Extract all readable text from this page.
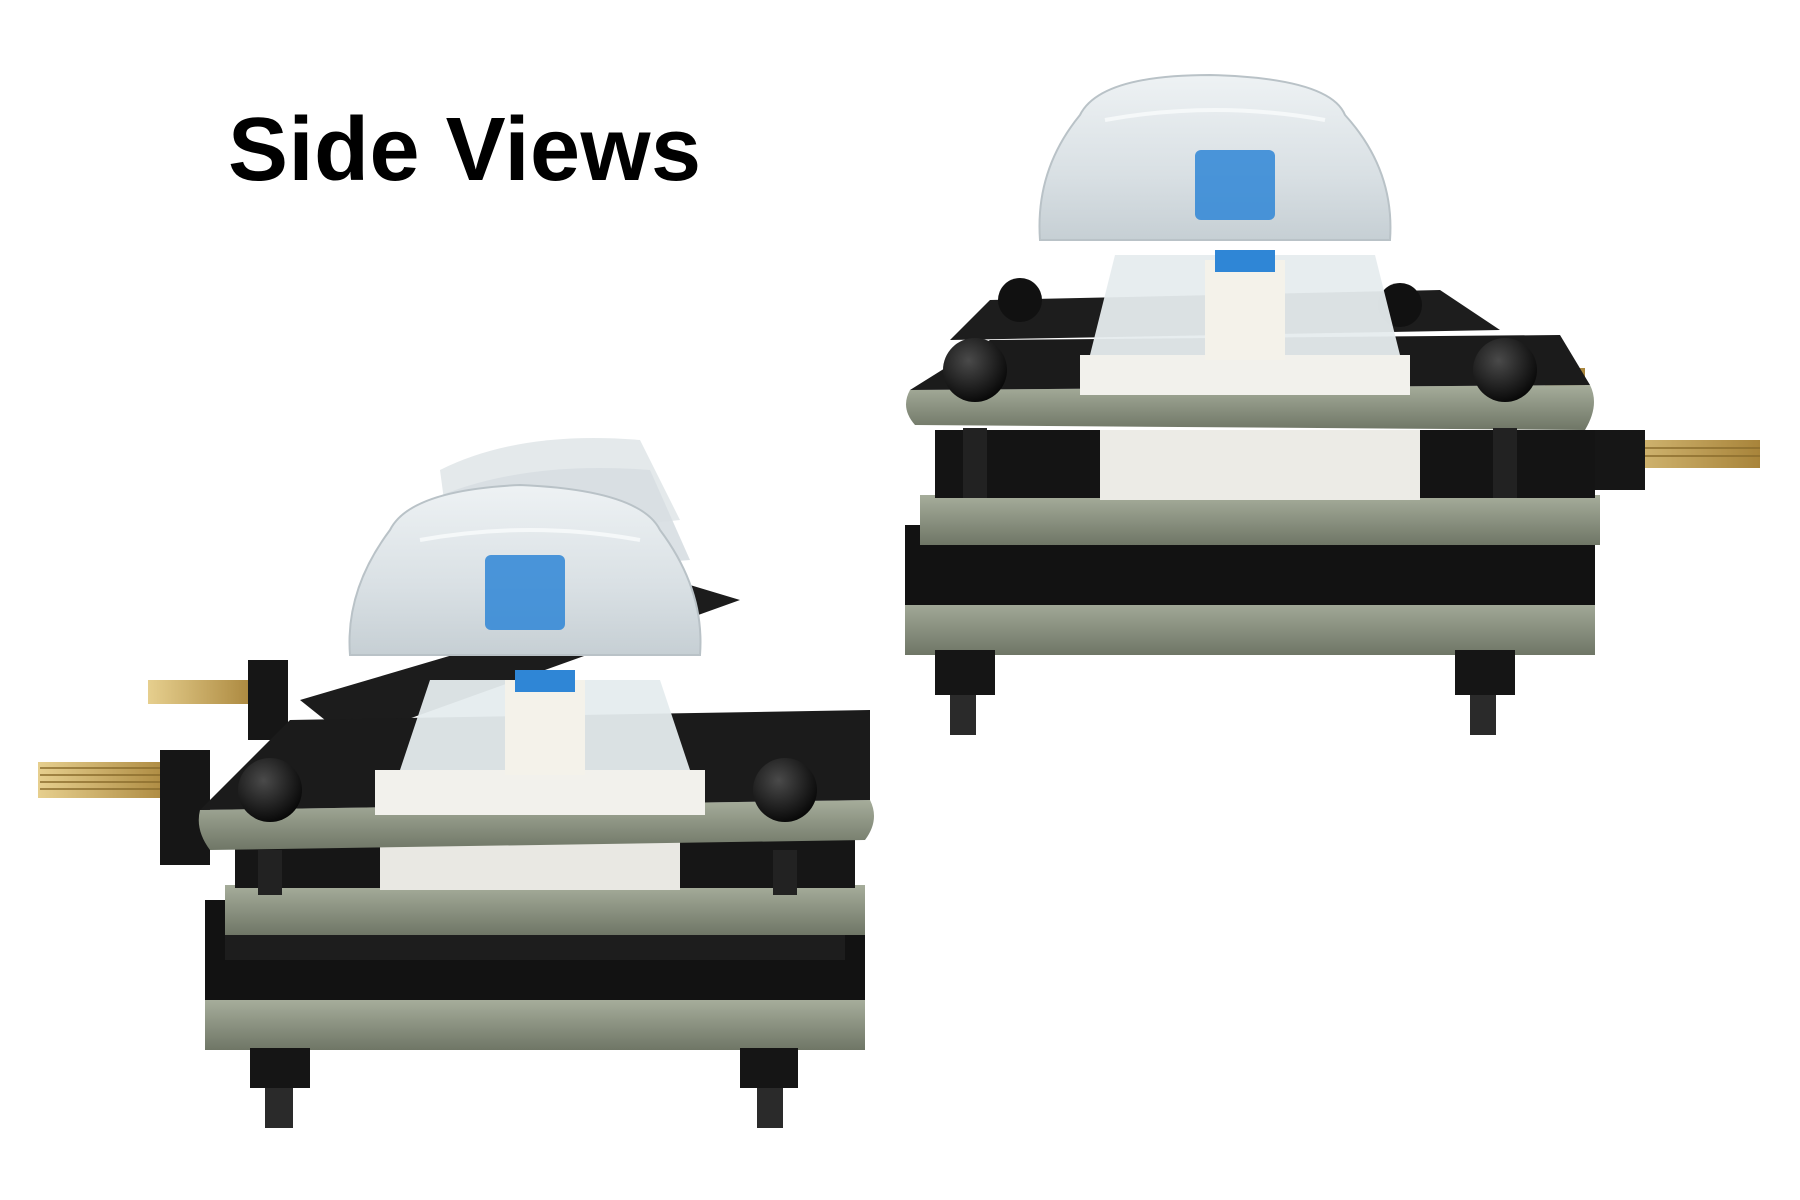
Side Views
